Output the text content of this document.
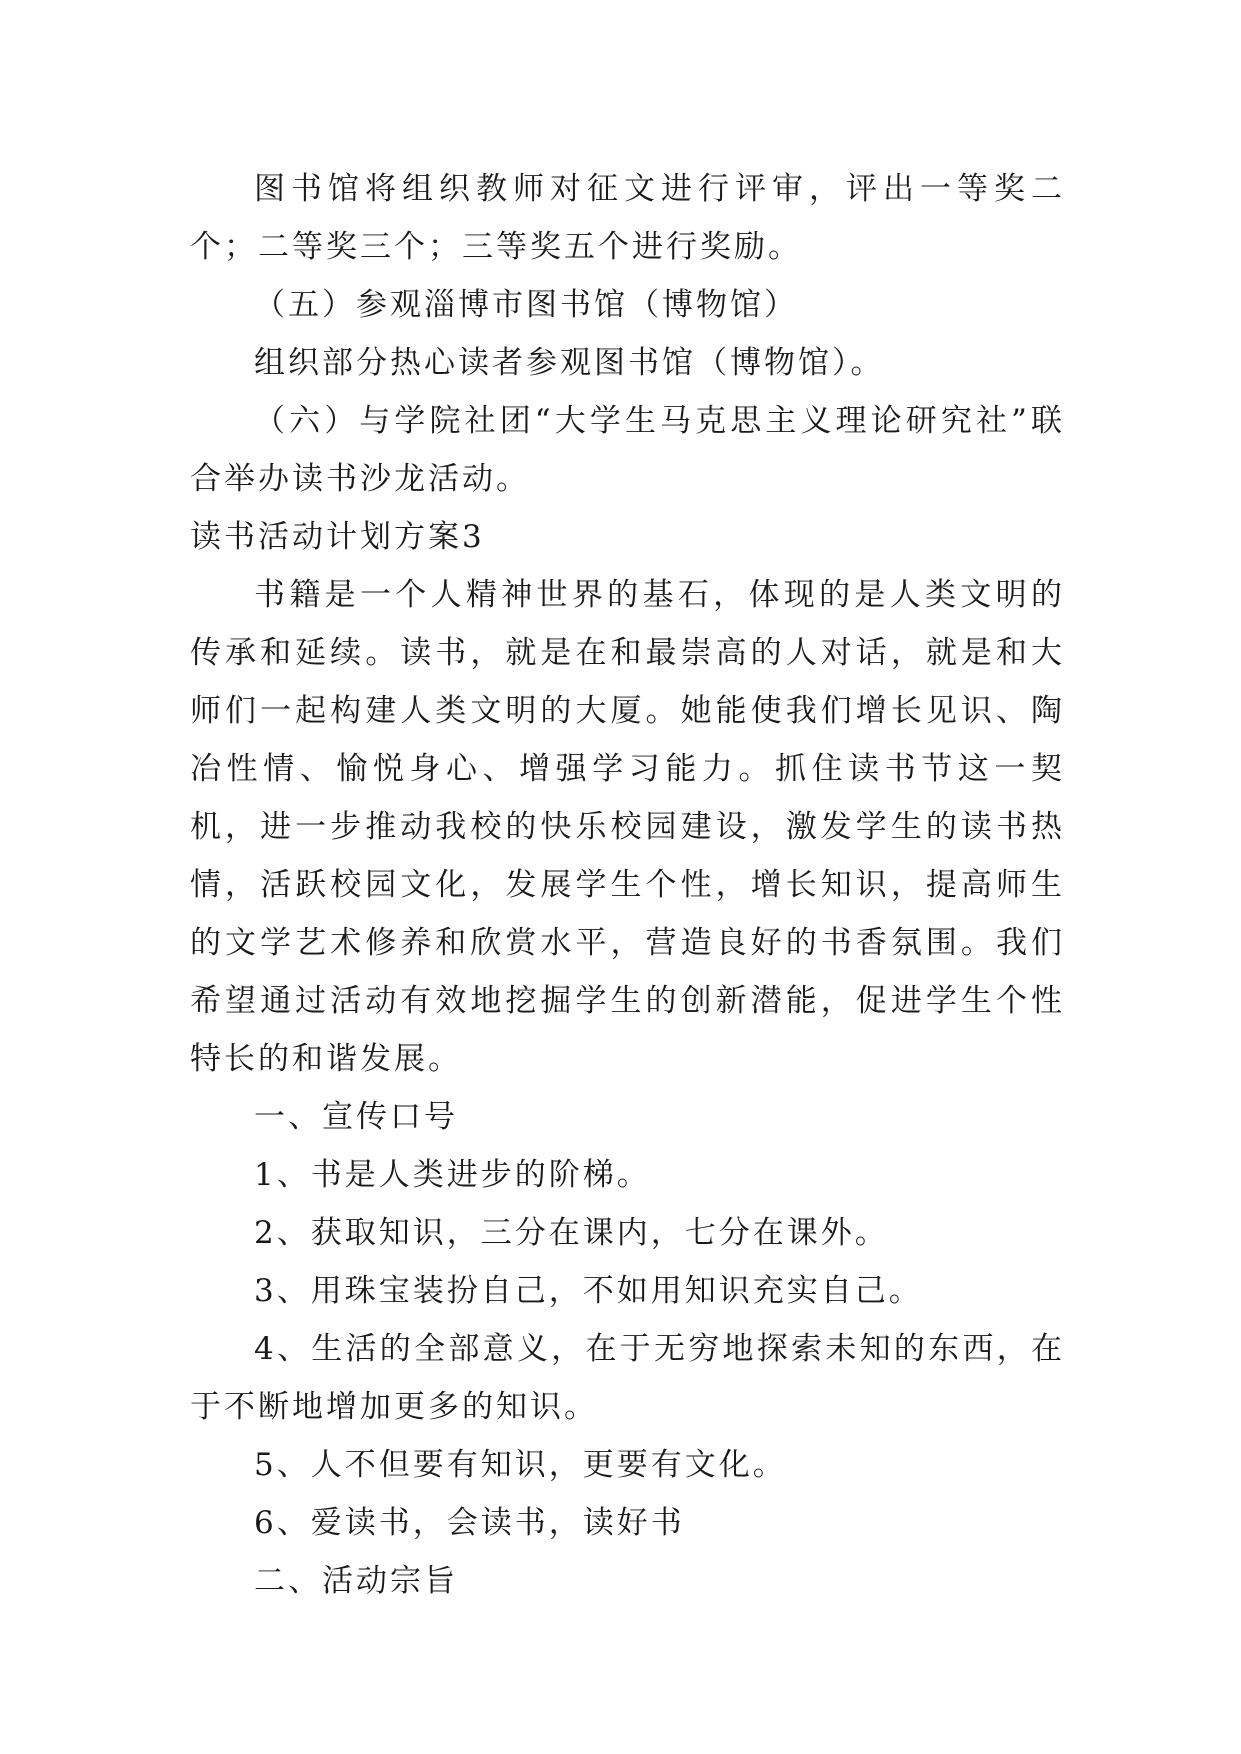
图书馆将组织教师对征文进行评审，评出一等奖二个；二等奖三个；三等奖五个进行奖励。

（五）参观淄博市图书馆（博物馆）

组织部分热心读者参观图书馆（博物馆）。

（六）与学院社团“大学生马克思主义理论研究社”联合举办读书沙龙活动。

读书活动计划方案3

书籍是一个人精神世界的基石，体现的是人类文明的传承和延续。读书，就是在和最崇高的人对话，就是和大师们一起构建人类文明的大厦。她能使我们增长见识、陶冶性情、愉悦身心、增强学习能力。抓住读书节这一契机，进一步推动我校的快乐校园建设，激发学生的读书热情，活跃校园文化，发展学生个性，增长知识，提高师生的文学艺术修养和欣赏水平，营造良好的书香氛围。我们希望通过活动有效地挖掘学生的创新潜能，促进学生个性特长的和谐发展。

一、宣传口号

1、书是人类进步的阶梯。

2、获取知识，三分在课内，七分在课外。

3、用珠宝装扮自己，不如用知识充实自己。

4、生活的全部意义，在于无穷地探索未知的东西，在于不断地增加更多的知识。

5、人不但要有知识，更要有文化。

6、爱读书，会读书，读好书

二、活动宗旨
